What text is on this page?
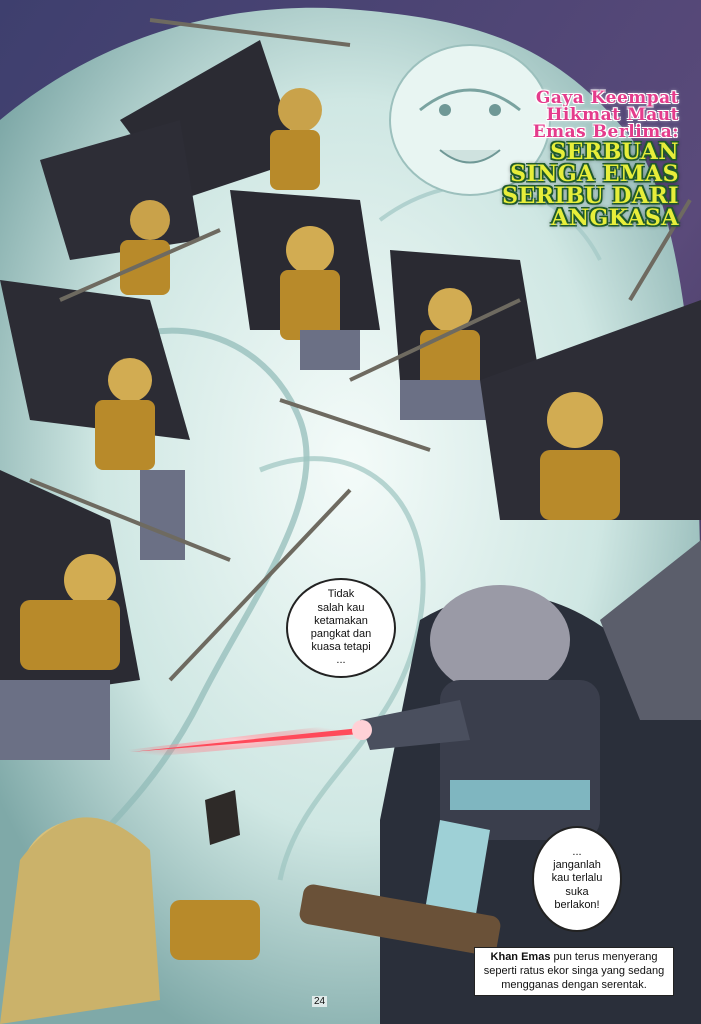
Gaya Keempat
Hikmat Maut
Emas Berlima:
SERBUAN
SINGA EMAS
SERIBU DARI
ANGKASA
Tidak
salah kau
ketamakan
pangkat dan
kuasa tetapi
...
...
janganlah
kau terlalu
suka
berlakon!
Khan Emas pun terus menyerang seperti ratus ekor singa yang sedang mengganas dengan serentak.
24
